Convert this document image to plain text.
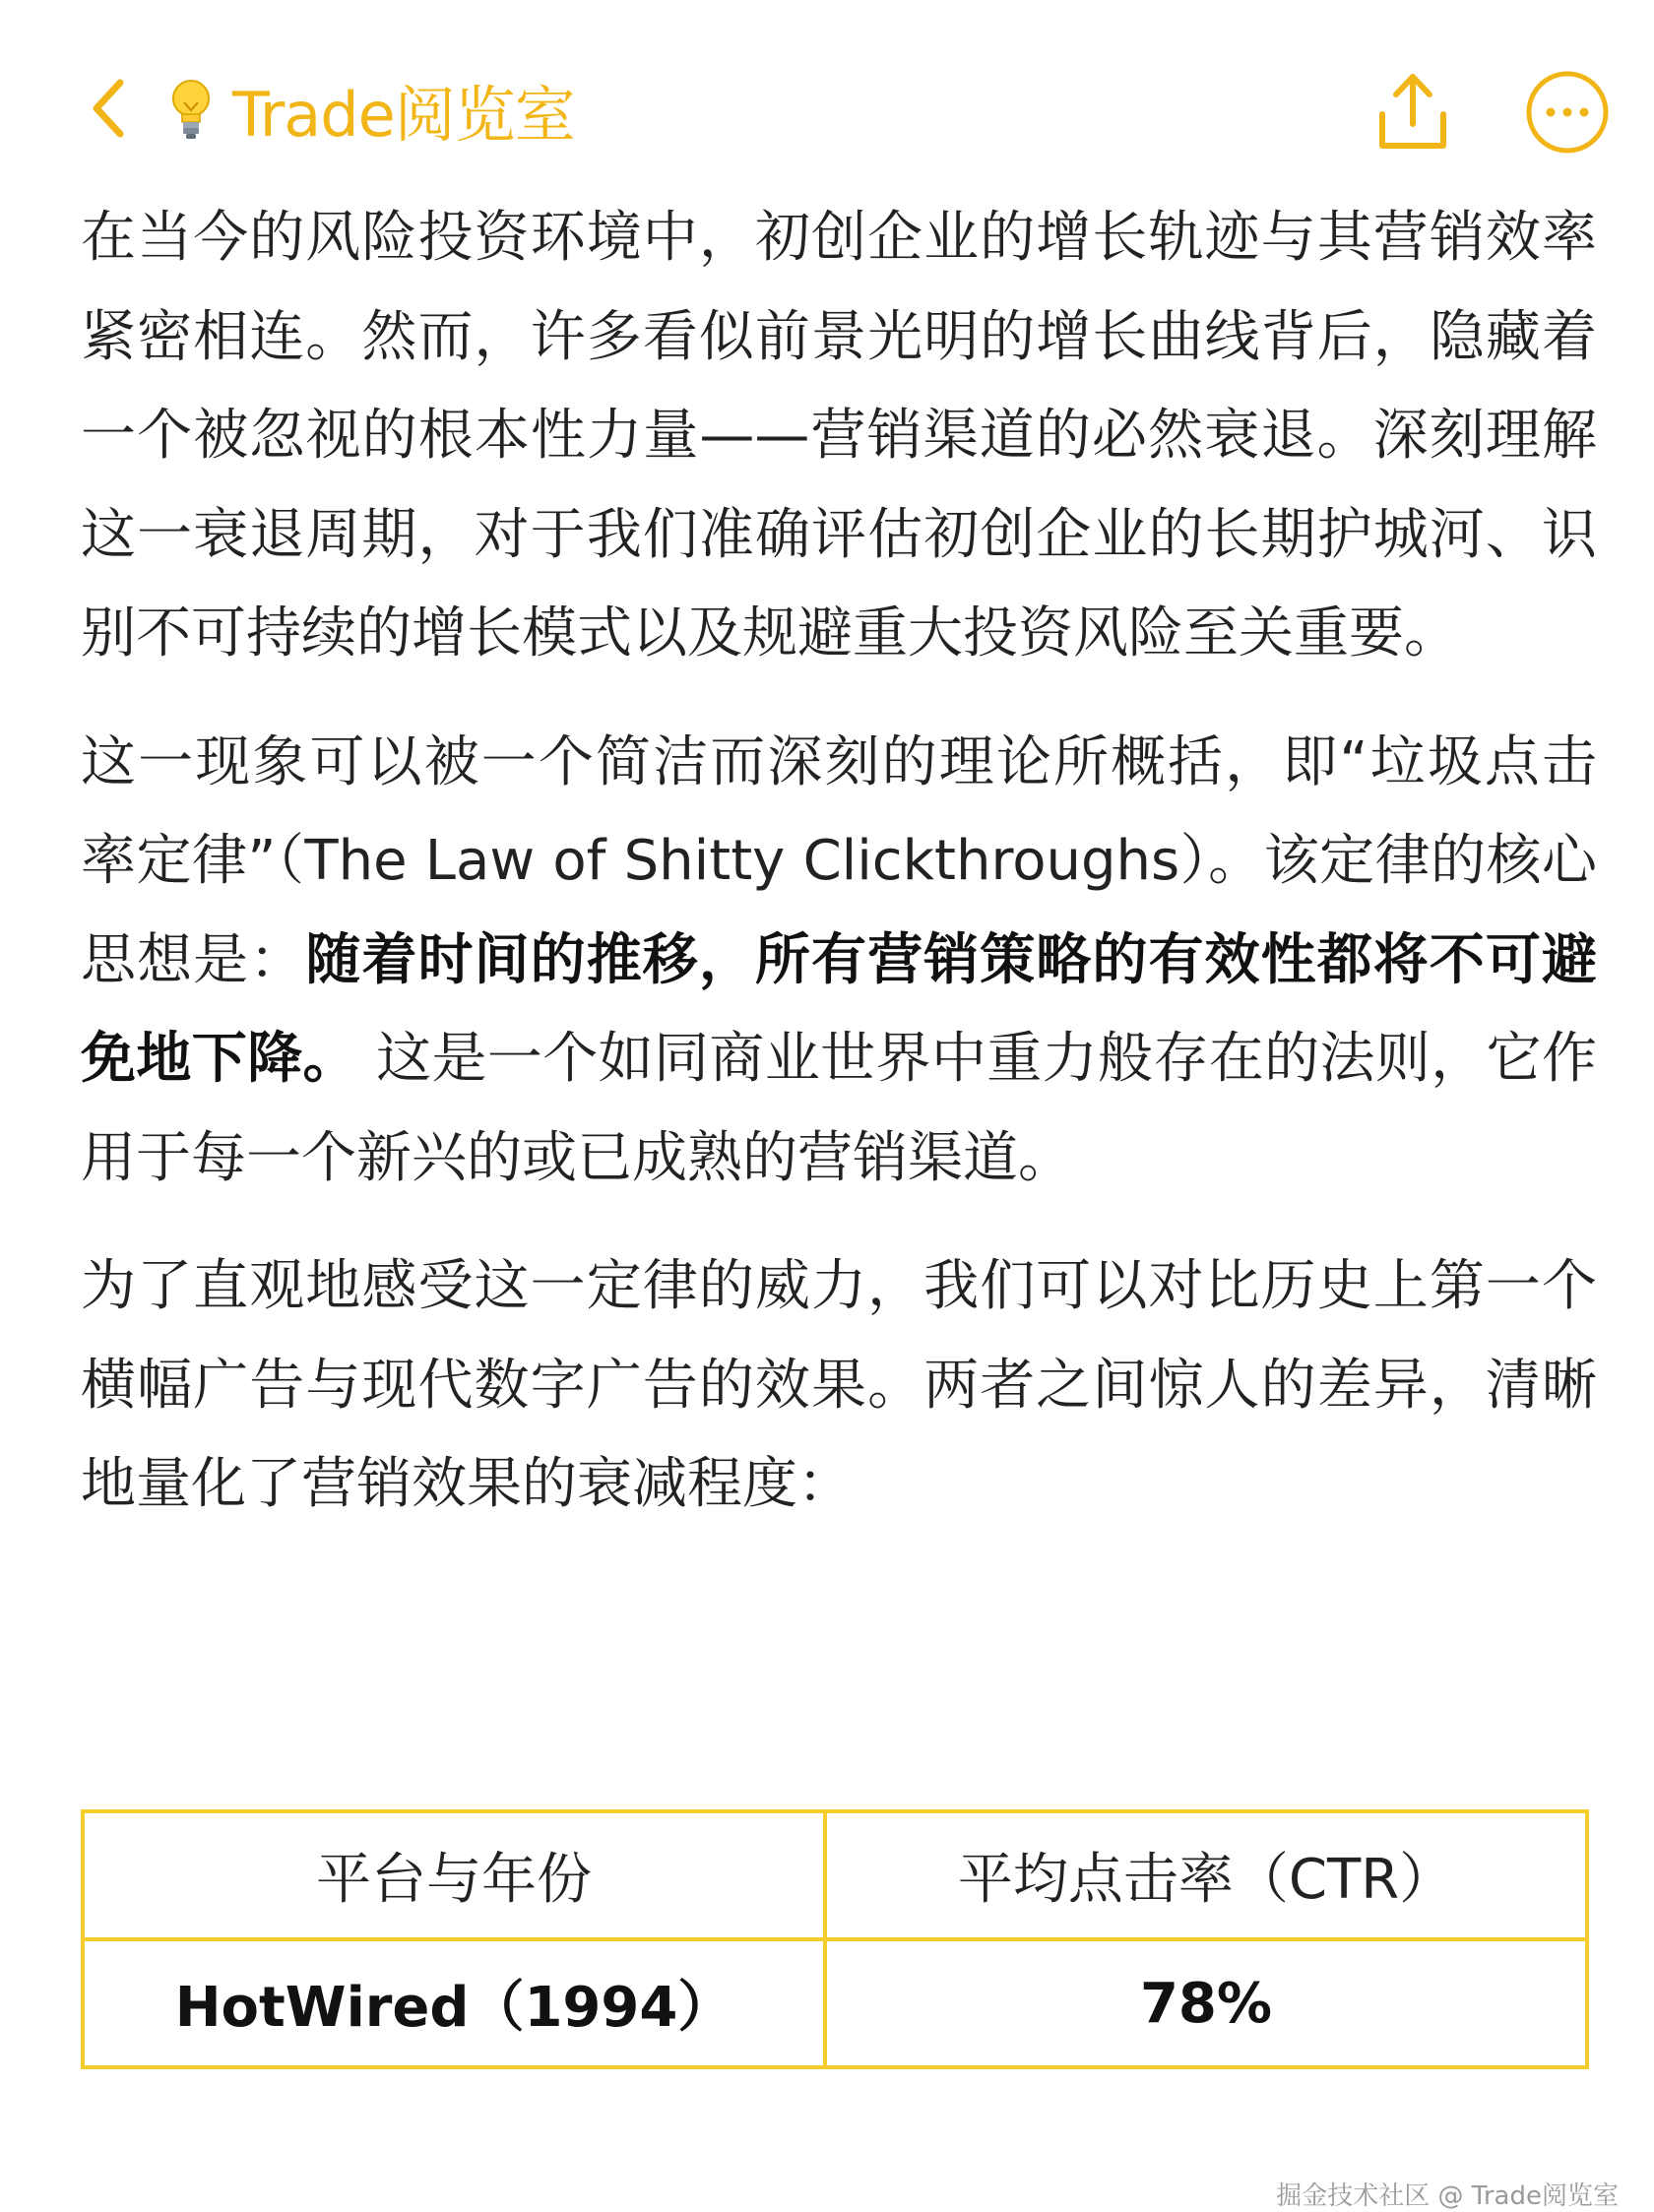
Trade阅览室

在当今的风险投资环境中，初创企业的增长轨迹与其营销效率紧密相连。然而，许多看似前景光明的增长曲线背后，隐藏着一个被忽视的根本性力量——营销渠道的必然衰退。深刻理解这一衰退周期，对于我们准确评估初创企业的长期护城河、识别不可持续的增长模式以及规避重大投资风险至关重要。

这一现象可以被一个简洁而深刻的理论所概括，即“垃圾点击率定律”（The Law of Shitty Clickthroughs）。该定律的核心思想是：随着时间的推移，所有营销策略的有效性都将不可避免地下降。 这是一个如同商业世界中重力般存在的法则，它作用于每一个新兴的或已成熟的营销渠道。

为了直观地感受这一定律的威力，我们可以对比历史上第一个横幅广告与现代数字广告的效果。两者之间惊人的差异，清晰地量化了营销效果的衰减程度：

平台与年份	平均点击率（CTR）
HotWired（1994）	78%
掘金技术社区 @ Trade阅览室
